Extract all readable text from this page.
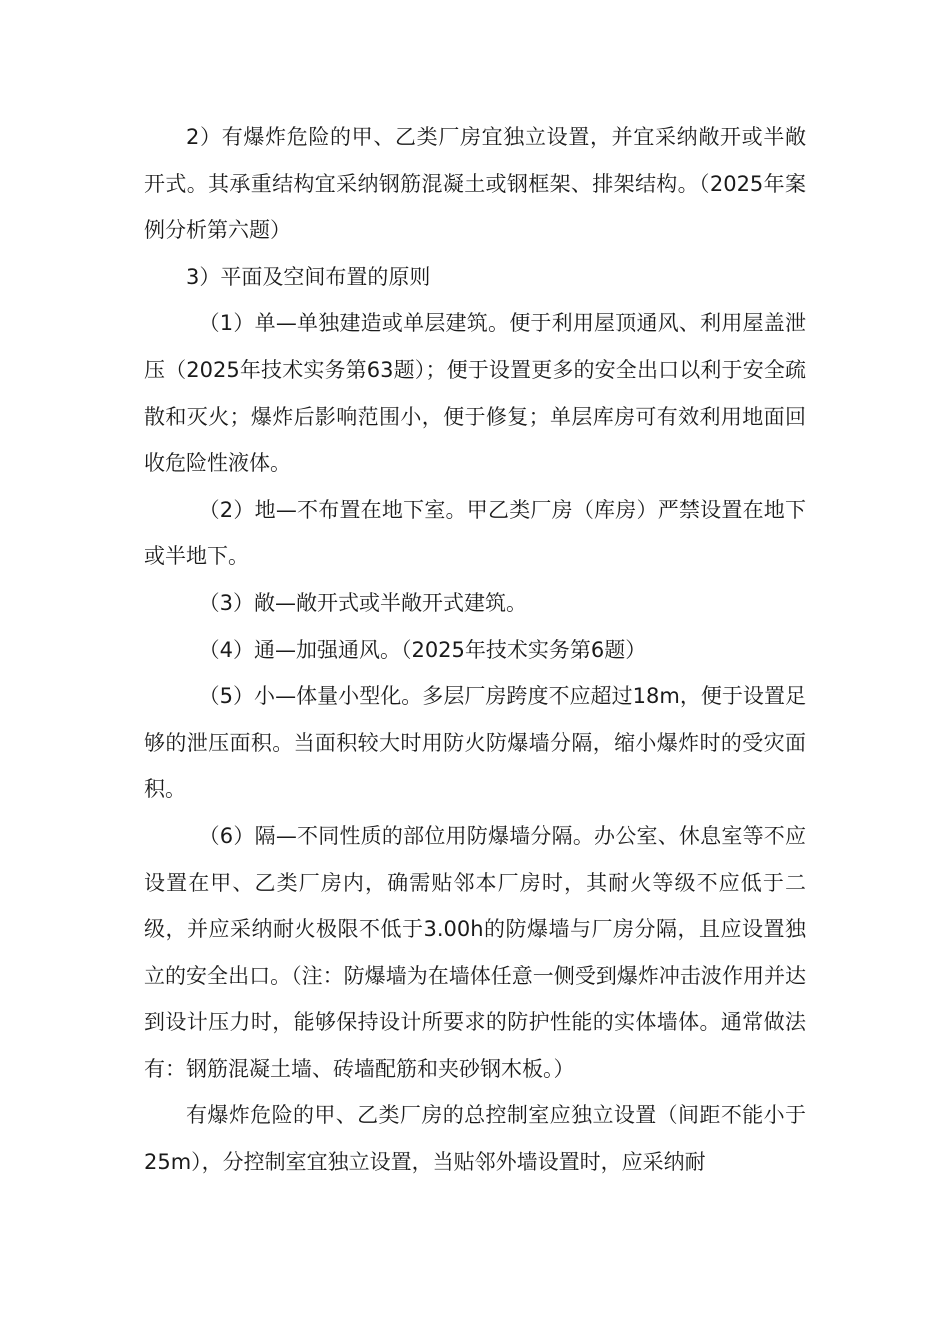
2）有爆炸危险的甲、乙类厂房宜独立设置，并宜采纳敞开或半敞开式。其承重结构宜采纳钢筋混凝土或钢框架、排架结构。（2025年案例分析第六题）

3）平面及空间布置的原则

（1）单—单独建造或单层建筑。便于利用屋顶通风、利用屋盖泄压（2025年技术实务第63题）；便于设置更多的安全出口以利于安全疏散和灭火；爆炸后影响范围小，便于修复；单层库房可有效利用地面回收危险性液体。

（2）地—不布置在地下室。甲乙类厂房（库房）严禁设置在地下或半地下。

（3）敞—敞开式或半敞开式建筑。

（4）通—加强通风。（2025年技术实务第6题）

（5）小—体量小型化。多层厂房跨度不应超过18m，便于设置足够的泄压面积。当面积较大时用防火防爆墙分隔，缩小爆炸时的受灾面积。

（6）隔—不同性质的部位用防爆墙分隔。办公室、休息室等不应设置在甲、乙类厂房内，确需贴邻本厂房时，其耐火等级不应低于二级，并应采纳耐火极限不低于3.00h的防爆墙与厂房分隔，且应设置独立的安全出口。（注：防爆墙为在墙体任意一侧受到爆炸冲击波作用并达到设计压力时，能够保持设计所要求的防护性能的实体墙体。通常做法有：钢筋混凝土墙、砖墙配筋和夹砂钢木板。）

有爆炸危险的甲、乙类厂房的总控制室应独立设置（间距不能小于25m），分控制室宜独立设置，当贴邻外墙设置时，应采纳耐
